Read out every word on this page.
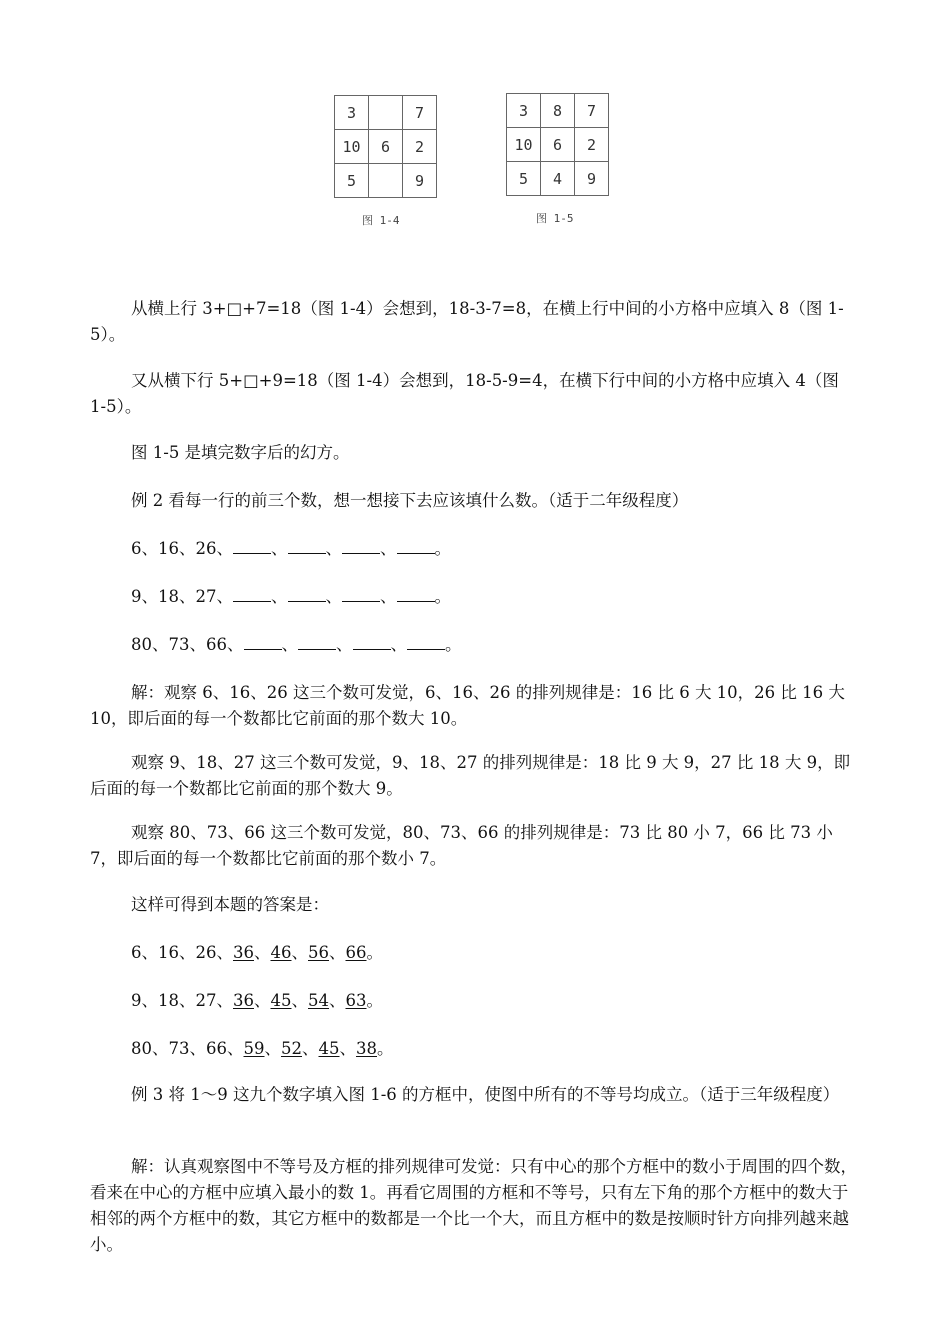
3		7
10	6	2
5		9
图 1-4
3	8	7
10	6	2
5	4	9
图 1-5

从横上行 3+□+7=18（图 1-4）会想到，18-3-7=8，在横上行中间的小方格中应填入 8（图 1-5）。

又从横下行 5+□+9=18（图 1-4）会想到，18-5-9=4，在横下行中间的小方格中应填入 4（图 1-5）。

图 1-5 是填完数字后的幻方。

例 2 看每一行的前三个数，想一想接下去应该填什么数。（适于二年级程度）

6、16、26、 、 、 、 。

9、18、27、 、 、 、 。

80、73、66、 、 、 、 。

解：观察 6、16、26 这三个数可发觉，6、16、26 的排列规律是：16 比 6 大 10，26 比 16 大 10，即后面的每一个数都比它前面的那个数大 10。

观察 9、18、27 这三个数可发觉，9、18、27 的排列规律是：18 比 9 大 9，27 比 18 大 9，即后面的每一个数都比它前面的那个数大 9。

观察 80、73、66 这三个数可发觉，80、73、66 的排列规律是：73 比 80 小 7，66 比 73 小 7，即后面的每一个数都比它前面的那个数小 7。

这样可得到本题的答案是：

6、16、26、36、46、56、66。

9、18、27、36、45、54、63。

80、73、66、59、52、45、38。

例 3 将 1～9 这九个数字填入图 1-6 的方框中，使图中所有的不等号均成立。（适于三年级程度）

解：认真观察图中不等号及方框的排列规律可发觉：只有中心的那个方框中的数小于周围的四个数，看来在中心的方框中应填入最小的数 1。再看它周围的方框和不等号，只有左下角的那个方框中的数大于相邻的两个方框中的数，其它方框中的数都是一个比一个大，而且方框中的数是按顺时针方向排列越来越小。
